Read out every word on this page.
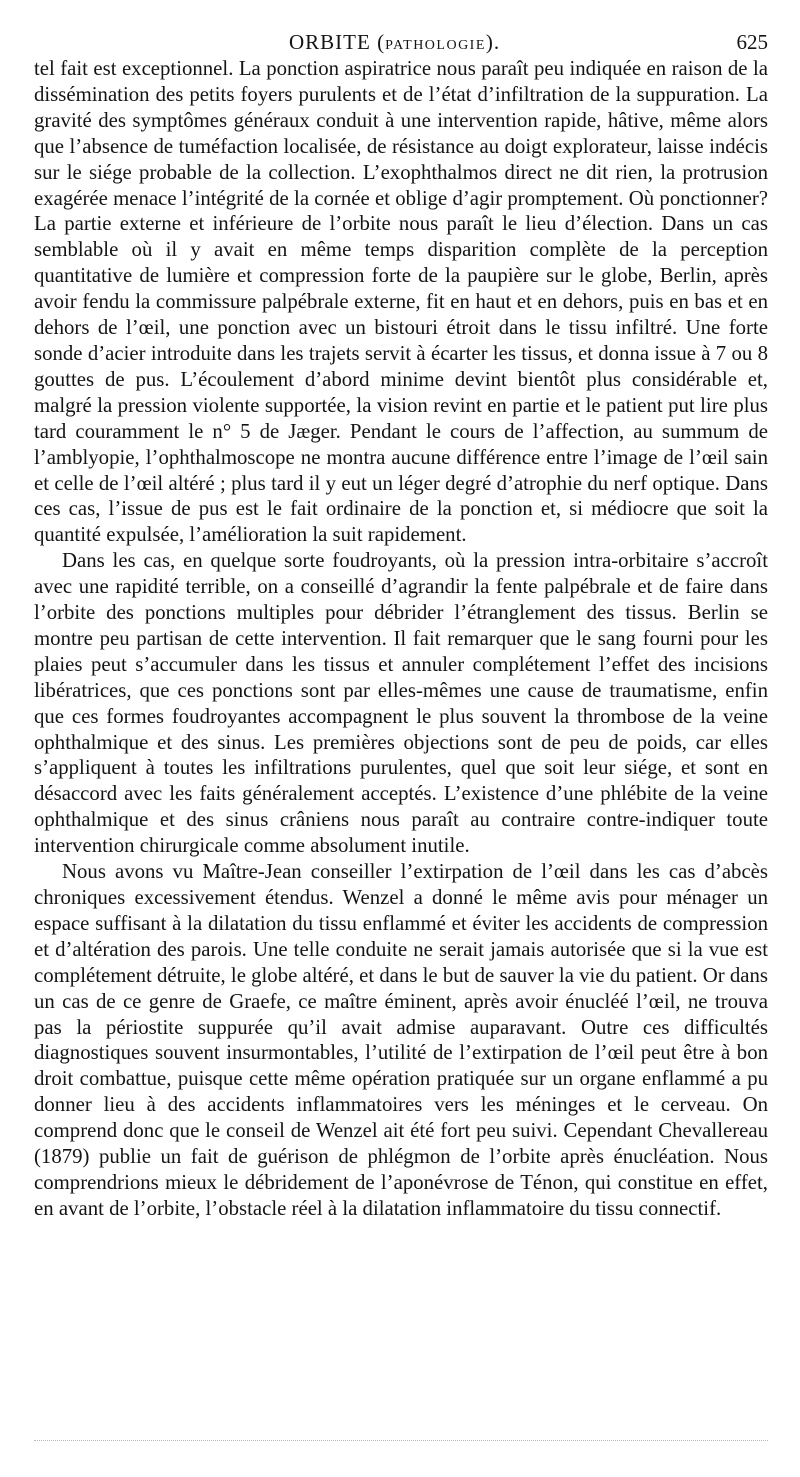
ORBITE (PATHOLOGIE).	625

tel fait est exceptionnel. La ponction aspiratrice nous paraît peu indiquée en raison de la dissémination des petits foyers purulents et de l’état d’infiltration de la suppuration. La gravité des symptômes généraux conduit à une intervention rapide, hâtive, même alors que l’absence de tuméfaction localisée, de résistance au doigt explorateur, laisse indécis sur le siége probable de la collection. L’exophthalmos direct ne dit rien, la protrusion exagérée menace l’intégrité de la cornée et oblige d’agir promptement. Où ponctionner? La partie externe et inférieure de l’orbite nous paraît le lieu d’élection. Dans un cas semblable où il y avait en même temps disparition complète de la perception quantitative de lumière et compression forte de la paupière sur le globe, Berlin, après avoir fendu la commissure palpébrale externe, fit en haut et en dehors, puis en bas et en dehors de l’œil, une ponction avec un bistouri étroit dans le tissu infiltré. Une forte sonde d’acier introduite dans les trajets servit à écarter les tissus, et donna issue à 7 ou 8 gouttes de pus. L’écoulement d’abord minime devint bientôt plus considérable et, malgré la pression violente supportée, la vision revint en partie et le patient put lire plus tard couramment le n° 5 de Jæger. Pendant le cours de l’affection, au summum de l’amblyopie, l’ophthalmoscope ne montra aucune différence entre l’image de l’œil sain et celle de l’œil altéré ; plus tard il y eut un léger degré d’atrophie du nerf optique. Dans ces cas, l’issue de pus est le fait ordinaire de la ponction et, si médiocre que soit la quantité expulsée, l’amélioration la suit rapidement.

Dans les cas, en quelque sorte foudroyants, où la pression intra-orbitaire s’accroît avec une rapidité terrible, on a conseillé d’agrandir la fente palpébrale et de faire dans l’orbite des ponctions multiples pour débrider l’étranglement des tissus. Berlin se montre peu partisan de cette intervention. Il fait remarquer que le sang fourni pour les plaies peut s’accumuler dans les tissus et annuler complétement l’effet des incisions libératrices, que ces ponctions sont par elles-mêmes une cause de traumatisme, enfin que ces formes foudroyantes accompagnent le plus souvent la thrombose de la veine ophthalmique et des sinus. Les premières objections sont de peu de poids, car elles s’appliquent à toutes les infiltrations purulentes, quel que soit leur siége, et sont en désaccord avec les faits généralement acceptés. L’existence d’une phlébite de la veine ophthalmique et des sinus crâniens nous paraît au contraire contre-indiquer toute intervention chirurgicale comme absolument inutile.

Nous avons vu Maître-Jean conseiller l’extirpation de l’œil dans les cas d’abcès chroniques excessivement étendus. Wenzel a donné le même avis pour ménager un espace suffisant à la dilatation du tissu enflammé et éviter les accidents de compression et d’altération des parois. Une telle conduite ne serait jamais autorisée que si la vue est complétement détruite, le globe altéré, et dans le but de sauver la vie du patient. Or dans un cas de ce genre de Graefe, ce maître éminent, après avoir énucléé l’œil, ne trouva pas la périostite suppurée qu’il avait admise auparavant. Outre ces difficultés diagnostiques souvent insurmontables, l’utilité de l’extirpation de l’œil peut être à bon droit combattue, puisque cette même opération pratiquée sur un organe enflammé a pu donner lieu à des accidents inflammatoires vers les méninges et le cerveau. On comprend donc que le conseil de Wenzel ait été fort peu suivi. Cependant Chevallereau (1879) publie un fait de guérison de phlégmon de l’orbite après énucléation. Nous comprendrions mieux le débridement de l’aponévrose de Ténon, qui constitue en effet, en avant de l’orbite, l’obstacle réel à la dilatation inflammatoire du tissu connectif.
